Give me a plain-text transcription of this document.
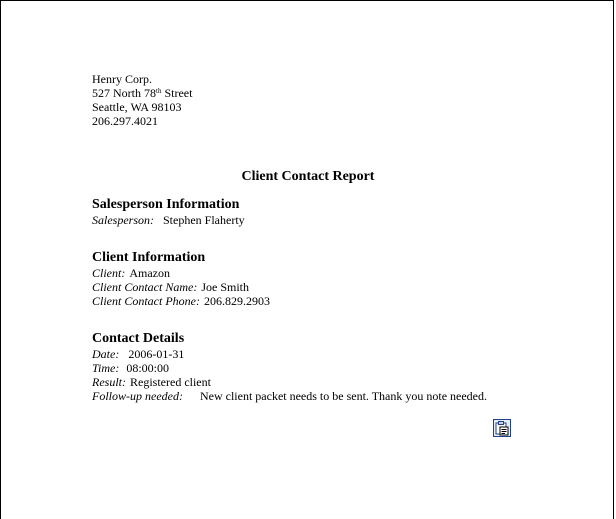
Henry Corp.
527 North 78th Street
Seattle, WA 98103
206.297.4021
Client Contact Report
Salesperson Information
Salesperson: Stephen Flaherty
Client Information
Client: Amazon
Client Contact Name: Joe Smith
Client Contact Phone: 206.829.2903
Contact Details
Date: 2006-01-31
Time: 08:00:00
Result: Registered client
Follow-up needed: New client packet needs to be sent. Thank you note needed.
